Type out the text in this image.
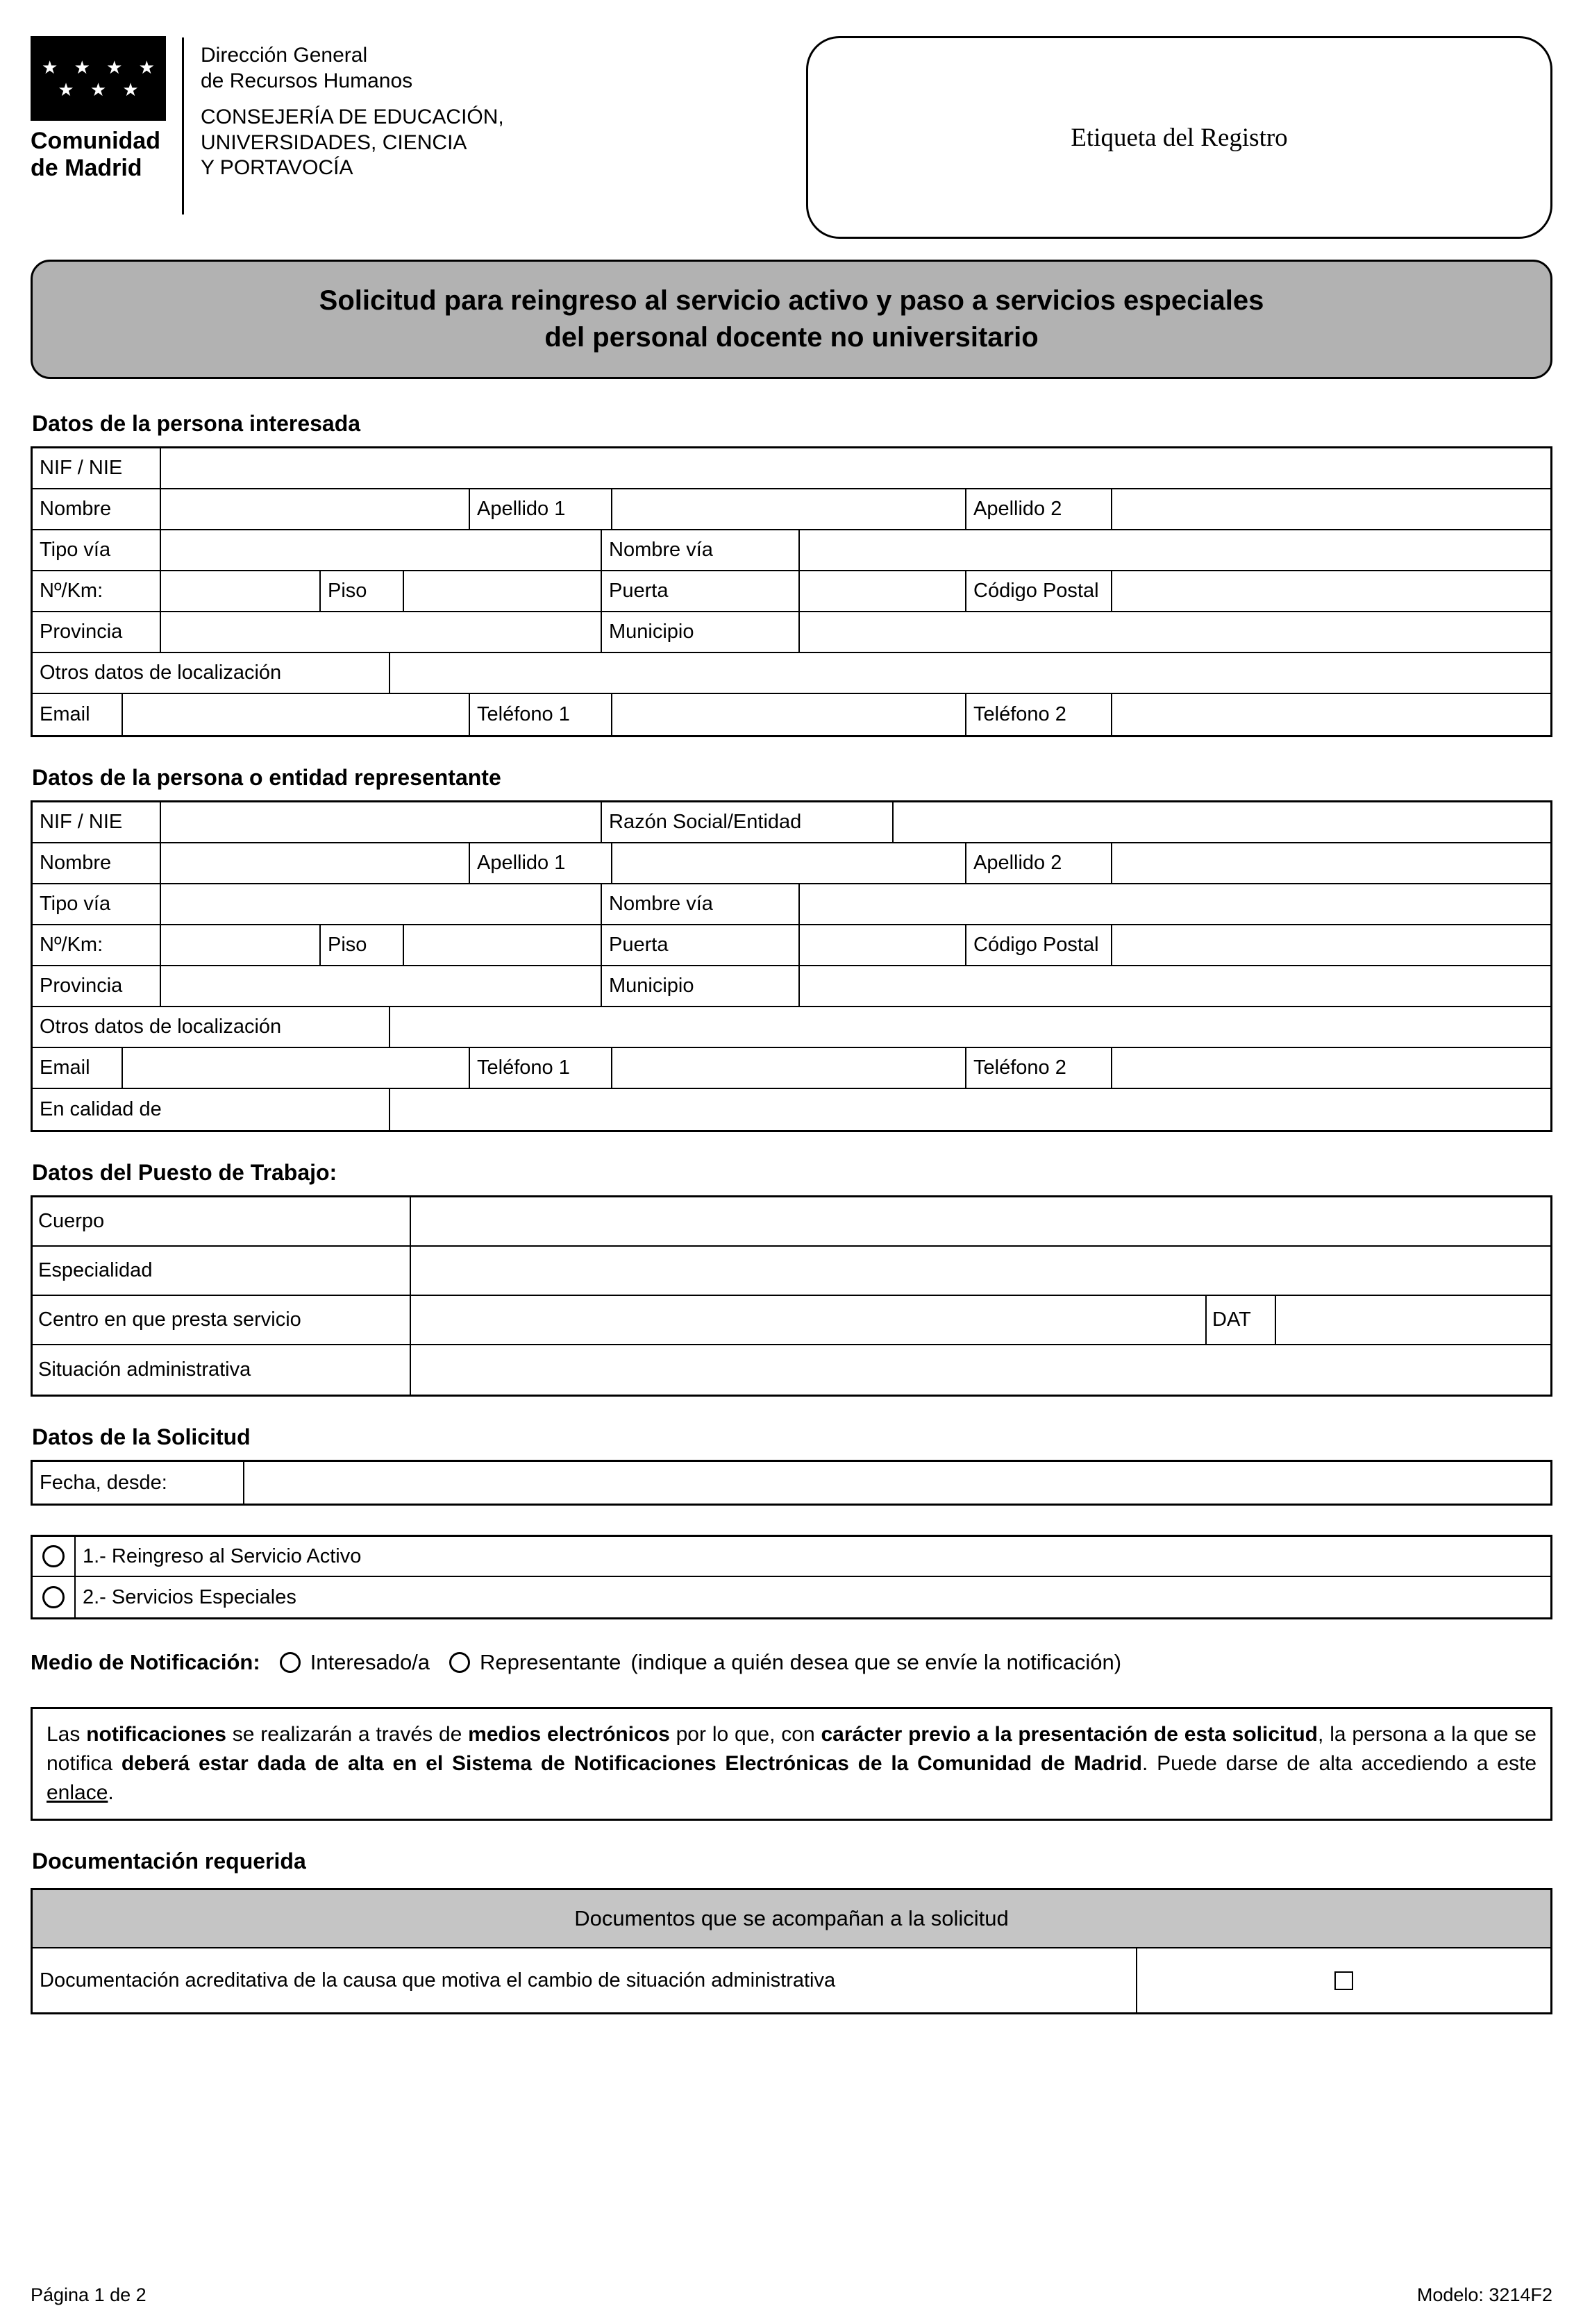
★ ★ ★ ★
★ ★ ★
Comunidad
de Madrid
Dirección General
de Recursos Humanos
CONSEJERÍA DE EDUCACIÓN,
UNIVERSIDADES, CIENCIA
Y PORTAVOCÍA
Etiqueta del Registro
Solicitud para reingreso al servicio activo y paso a servicios especiales
del personal docente no universitario
Datos de la persona interesada
NIF / NIE
Nombre	Apellido 1	Apellido 2
Tipo vía	Nombre vía
Nº/Km:	Piso	Puerta	Código Postal
Provincia	Municipio
Otros datos de localización
Email	Teléfono 1	Teléfono 2
Datos de la persona o entidad representante
NIF / NIE	Razón Social/Entidad
Nombre	Apellido 1	Apellido 2
Tipo vía	Nombre vía
Nº/Km:	Piso	Puerta	Código Postal
Provincia	Municipio
Otros datos de localización
Email	Teléfono 1	Teléfono 2
En calidad de
Datos del Puesto de Trabajo:
Cuerpo
Especialidad
Centro en que presta servicio	DAT
Situación administrativa
Datos de la Solicitud
Fecha, desde:
1.- Reingreso al Servicio Activo
2.- Servicios Especiales
Medio de Notificación: Interesado/a Representante (indique a quién desea que se envíe la notificación)
Las notificaciones se realizarán a través de medios electrónicos por lo que, con carácter previo a la presentación de esta solicitud, la persona a la que se notifica deberá estar dada de alta en el Sistema de Notificaciones Electrónicas de la Comunidad de Madrid. Puede darse de alta accediendo a este enlace.
Documentación requerida
Documentos que se acompañan a la solicitud
Documentación acreditativa de la causa que motiva el cambio de situación administrativa
Página 1 de 2	Modelo: 3214F2
